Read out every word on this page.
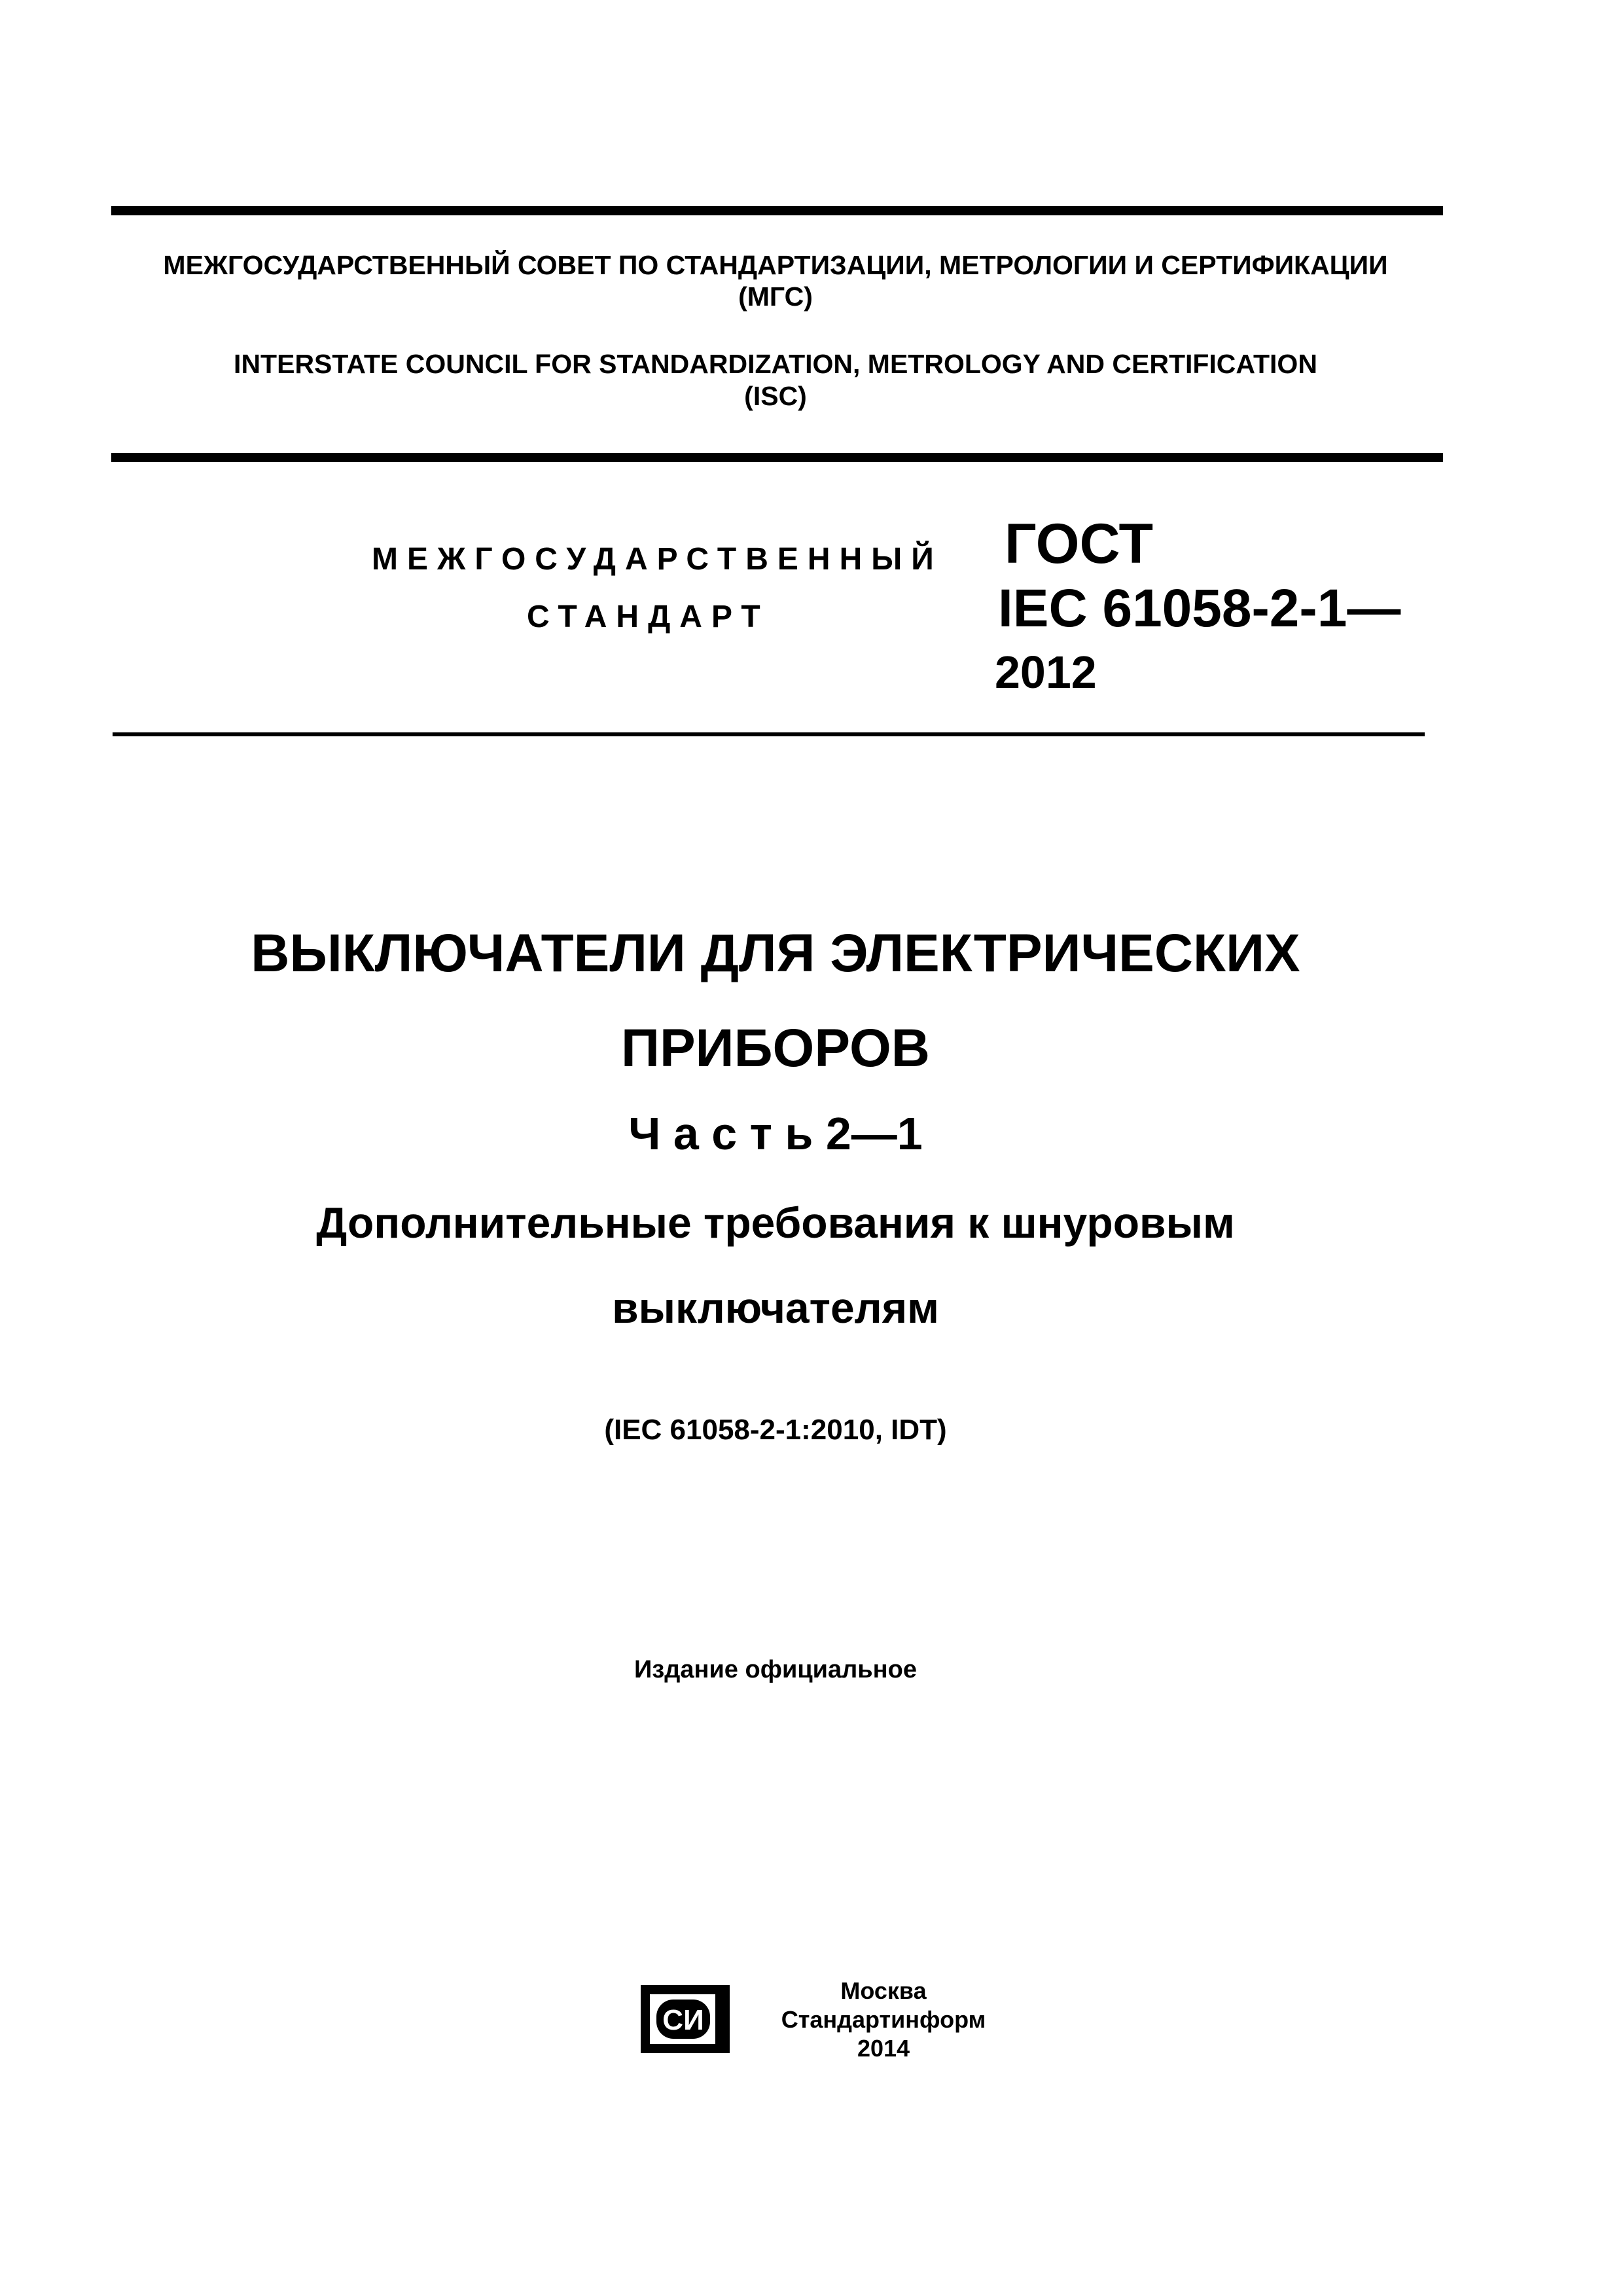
МЕЖГОСУДАРСТВЕННЫЙ СОВЕТ ПО СТАНДАРТИЗАЦИИ, МЕТРОЛОГИИ И СЕРТИФИКАЦИИ
(МГС)
INTERSTATE COUNCIL FOR STANDARDIZATION, METROLOGY AND CERTIFICATION
(ISC)
МЕЖГОСУДАРСТВЕННЫЙ
СТАНДАРТ
ГОСТ
IEC 61058-2-1—
2012
ВЫКЛЮЧАТЕЛИ ДЛЯ ЭЛЕКТРИЧЕСКИХ
ПРИБОРОВ
Ч а с т ь 2—1
Дополнительные требования к шнуровым
выключателям
(IEC 61058-2-1:2010, IDT)
Издание официальное
СИ
Москва
Стандартинформ
2014
